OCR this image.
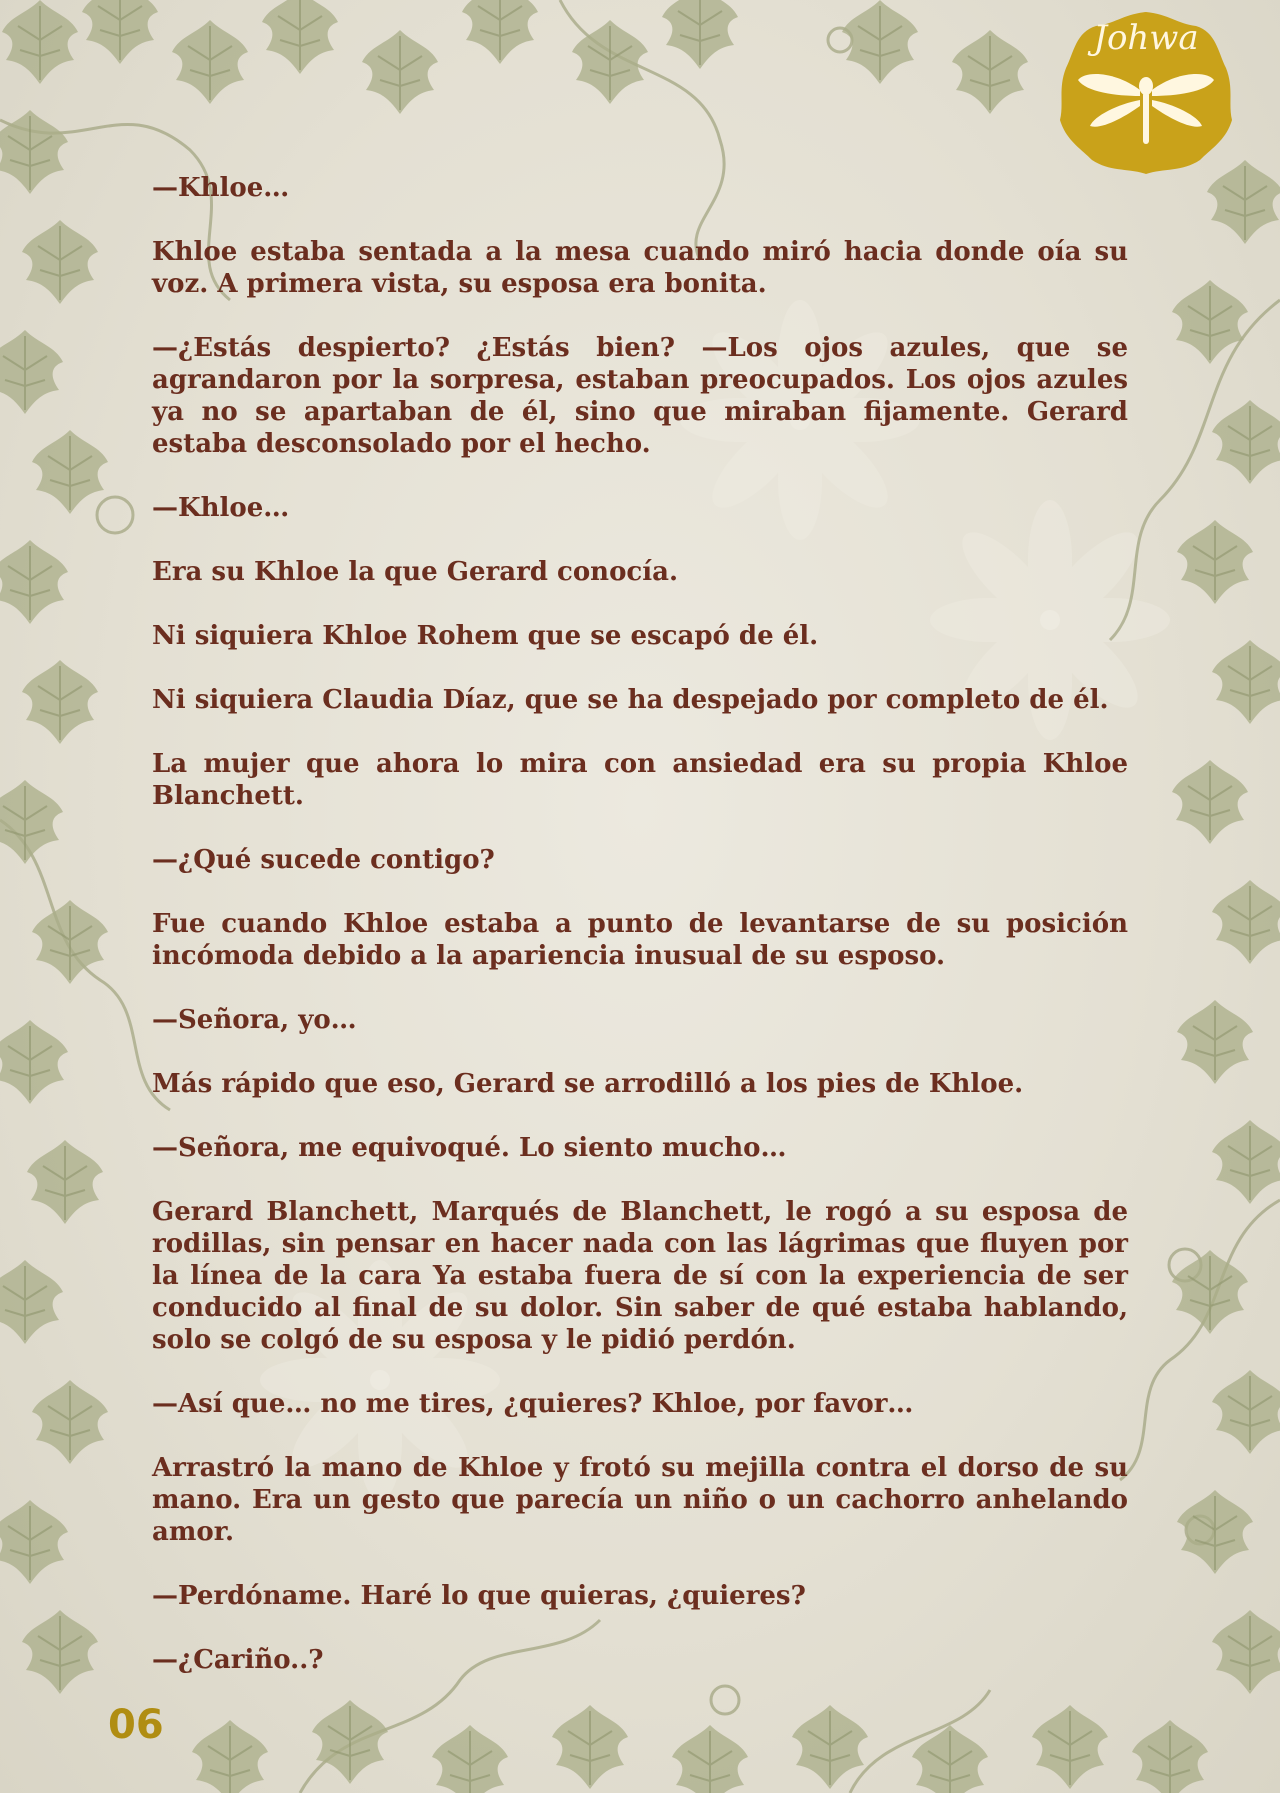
Johwa

—Khloe…

Khloe estaba sentada a la mesa cuando miró hacia donde oía su voz. A primera vista, su esposa era bonita.

—¿Estás despierto? ¿Estás bien? —Los ojos azules, que se agrandaron por la sorpresa, estaban preocupados. Los ojos azules ya no se apartaban de él, sino que miraban fijamente. Gerard estaba desconsolado por el hecho.

—Khloe…

Era su Khloe la que Gerard conocía.

Ni siquiera Khloe Rohem que se escapó de él.

Ni siquiera Claudia Díaz, que se ha despejado por completo de él.

La mujer que ahora lo mira con ansiedad era su propia Khloe Blanchett.

—¿Qué sucede contigo?

Fue cuando Khloe estaba a punto de levantarse de su posición incómoda debido a la apariencia inusual de su esposo.

—Señora, yo…

Más rápido que eso, Gerard se arrodilló a los pies de Khloe.

—Señora, me equivoqué. Lo siento mucho…

Gerard Blanchett, Marqués de Blanchett, le rogó a su esposa de rodillas, sin pensar en hacer nada con las lágrimas que fluyen por la línea de la cara Ya estaba fuera de sí con la experiencia de ser conducido al final de su dolor. Sin saber de qué estaba hablando, solo se colgó de su esposa y le pidió perdón.

—Así que… no me tires, ¿quieres? Khloe, por favor…

Arrastró la mano de Khloe y frotó su mejilla contra el dorso de su mano. Era un gesto que parecía un niño o un cachorro anhelando amor.

—Perdóname. Haré lo que quieras, ¿quieres?

—¿Cariño..?

06
